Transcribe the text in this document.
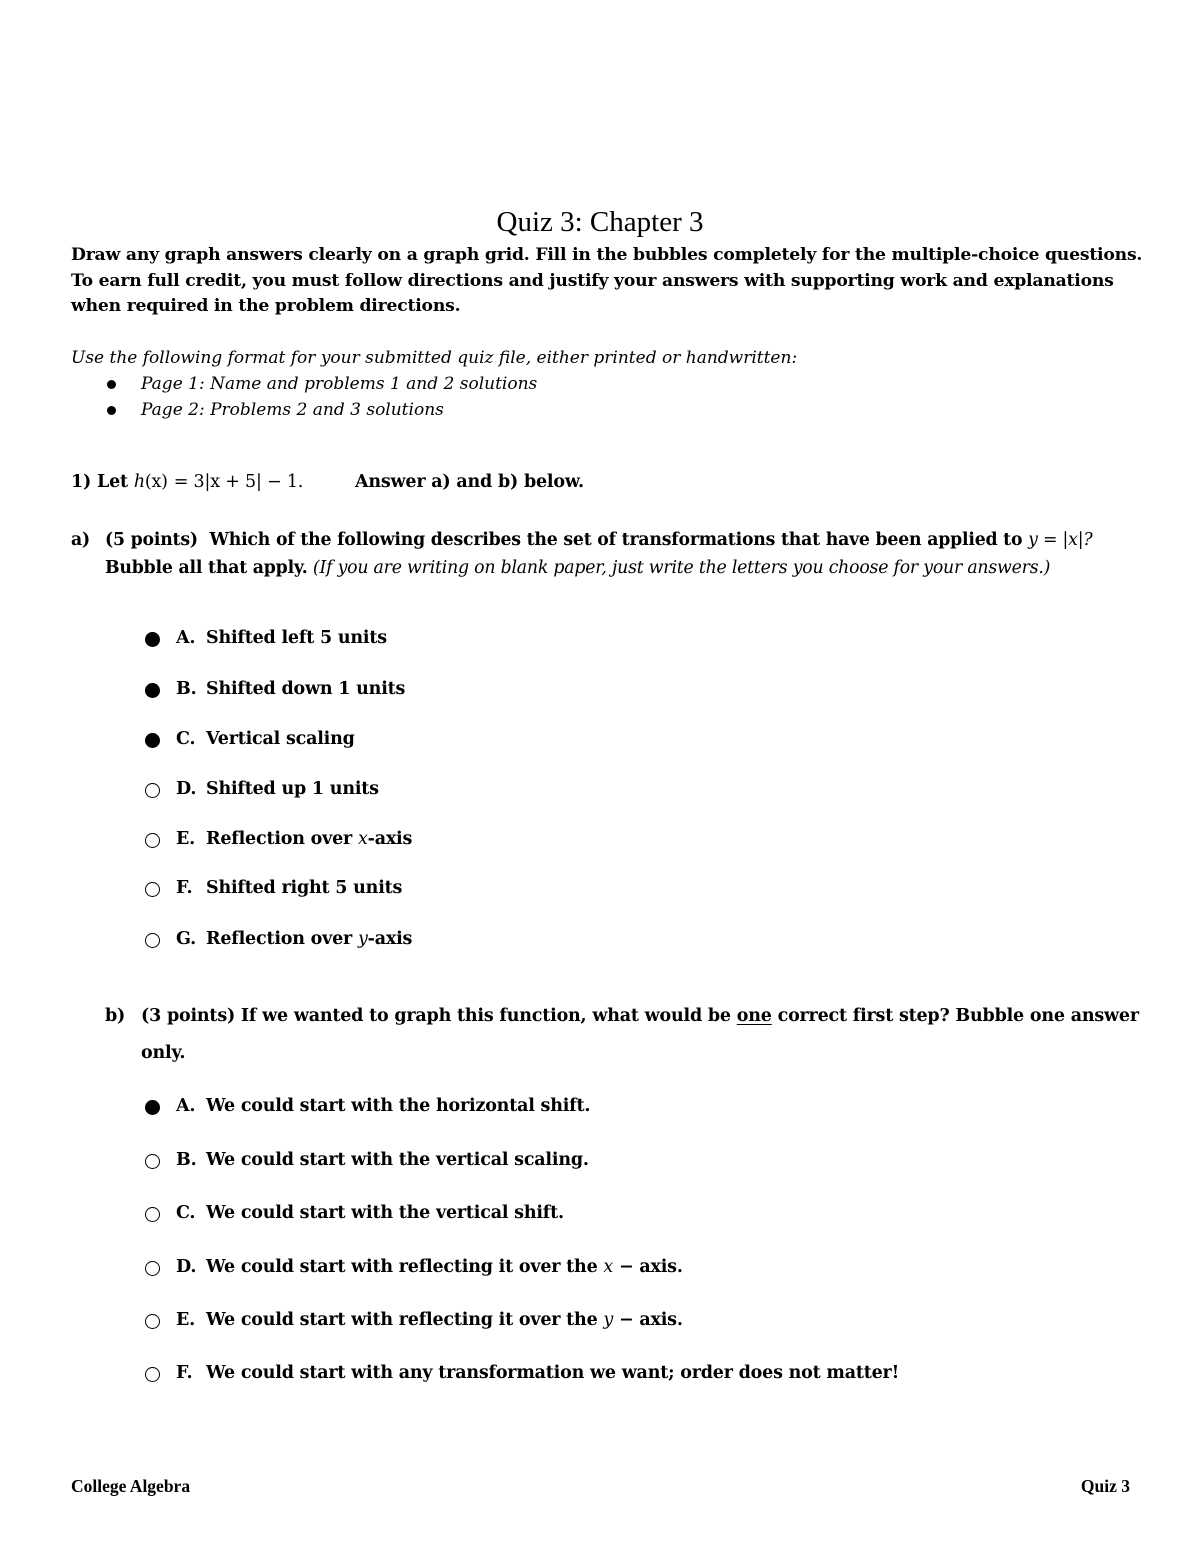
Quiz 3: Chapter 3
Draw any graph answers clearly on a graph grid. Fill in the bubbles completely for the multiple-choice questions.
To earn full credit, you must follow directions and justify your answers with supporting work and explanations
when required in the problem directions.
Use the following format for your submitted quiz file, either printed or handwritten:
Page 1: Name and problems 1 and 2 solutions
Page 2: Problems 2 and 3 solutions
1) Let h(x) = 3|x + 5| − 1.	Answer a) and b) below.
a) (5 points) Which of the following describes the set of transformations that have been applied to y = |x|?
Bubble all that apply. (If you are writing on blank paper, just write the letters you choose for your answers.)
A. Shifted left 5 units
B. Shifted down 1 units
C. Vertical scaling
D. Shifted up 1 units
E. Reflection over x-axis
F. Shifted right 5 units
G. Reflection over y-axis
b) (3 points) If we wanted to graph this function, what would be one correct first step? Bubble one answer
only.
A. We could start with the horizontal shift.
B. We could start with the vertical scaling.
C. We could start with the vertical shift.
D. We could start with reflecting it over the x − axis.
E. We could start with reflecting it over the y − axis.
F. We could start with any transformation we want; order does not matter!
College Algebra	Quiz 3
